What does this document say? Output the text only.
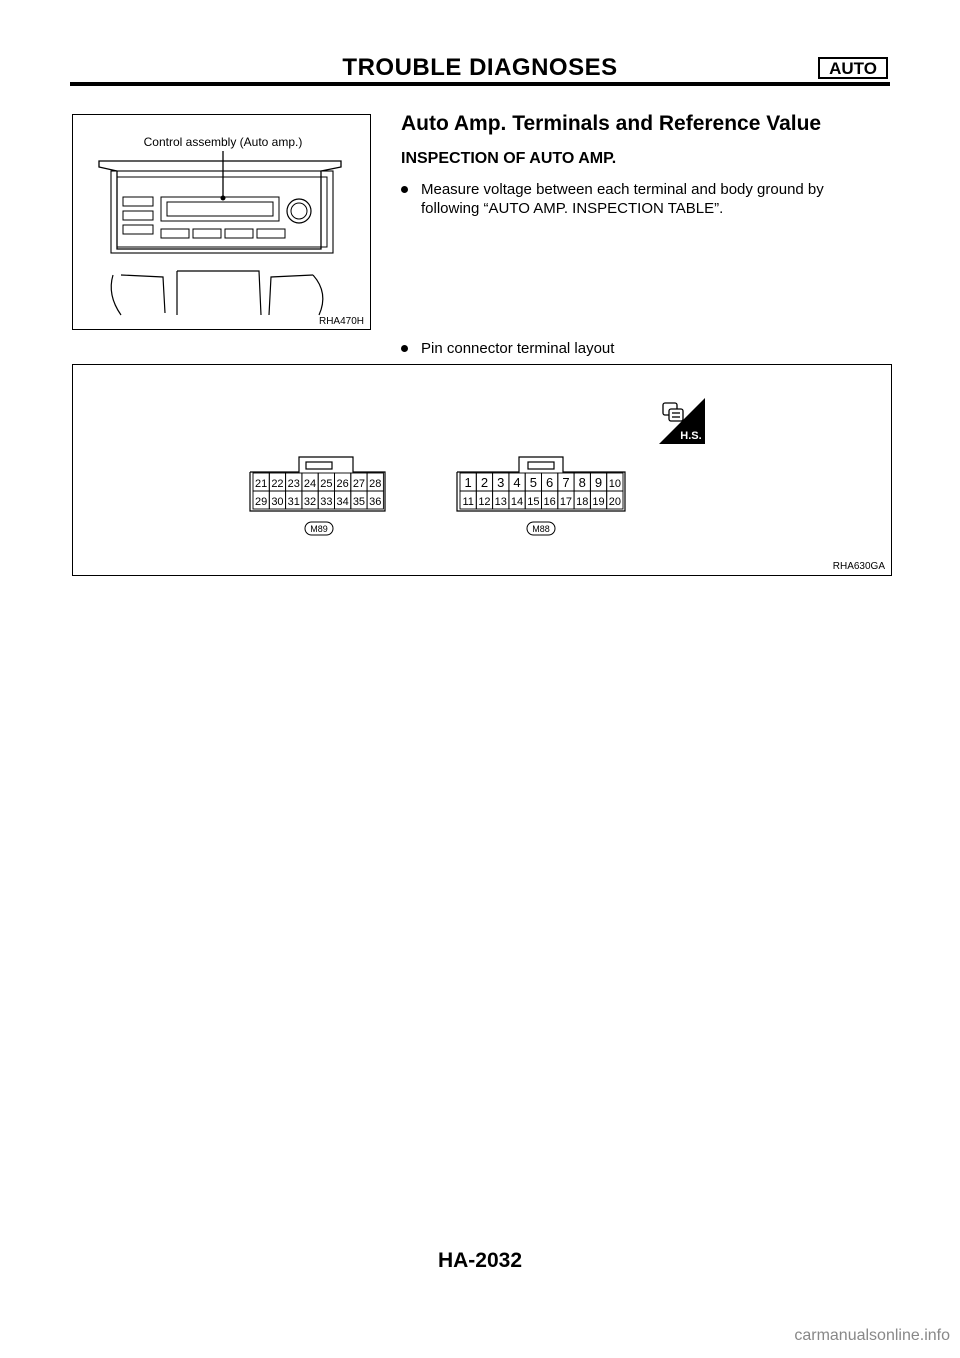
TROUBLE DIAGNOSES	AUTO
Control assembly (Auto amp.)
RHA470H
Auto Amp. Terminals and Reference Value
INSPECTION OF AUTO AMP.
Measure voltage between each terminal and body ground by
following “AUTO AMP. INSPECTION TABLE”.
Pin connector terminal layout
H.S.
21 22 23 24 25 26 27 28
29 30 31 32 33 34 35 36
1 2 3 4 5 6 7 8 9 10
11 12 13 14 15 16 17 18 19 20
M89	M88
RHA630GA
HA-2032
carmanualsonline.info
